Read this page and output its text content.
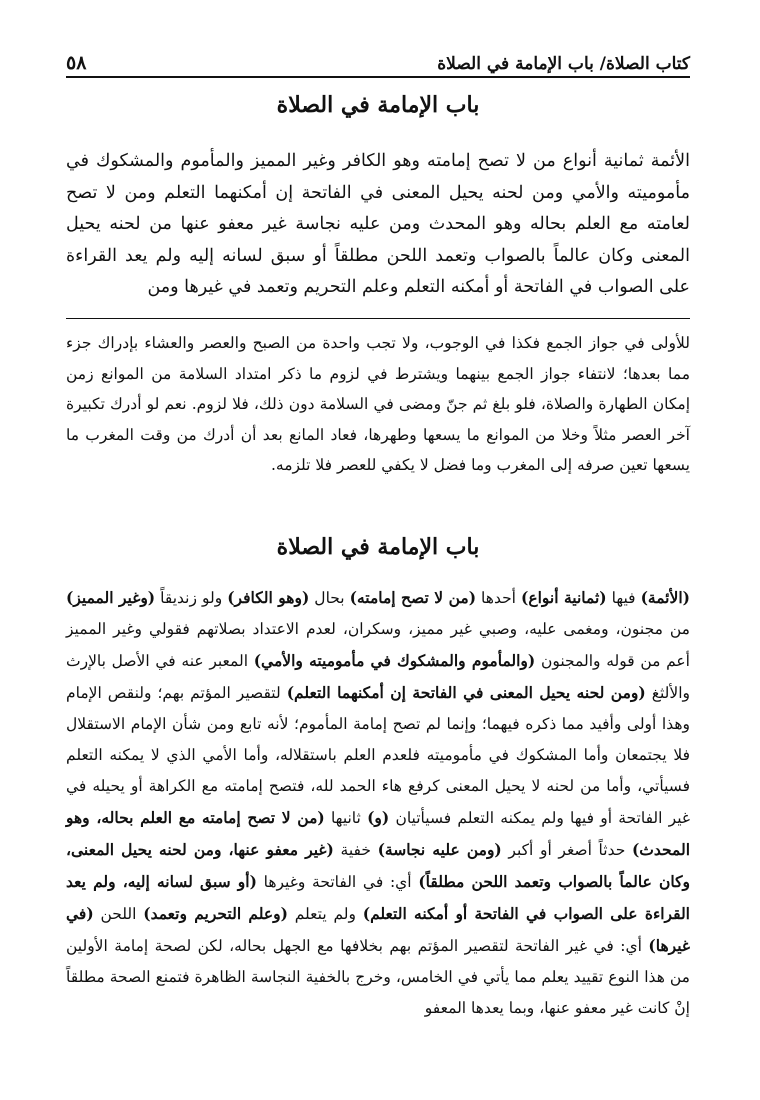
كتاب الصلاة/ باب الإمامة في الصلاة
٥٨
باب الإمامة في الصلاة

الأئمة ثمانية أنواع من لا تصح إمامته وهو الكافر وغير المميز والمأموم والمشكوك في مأموميته والأمي ومن لحنه يحيل المعنى في الفاتحة إن أمكنهما التعلم ومن لا تصح لعامته مع العلم بحاله وهو المحدث ومن عليه نجاسة غير معفو عنها من لحنه يحيل المعنى وكان عالماً بالصواب وتعمد اللحن مطلقاً أو سبق لسانه إليه ولم يعد القراءة على الصواب في الفاتحة أو أمكنه التعلم وعلم التحريم وتعمد في غيرها ومن

للأولى في جواز الجمع فكذا في الوجوب، ولا تجب واحدة من الصبح والعصر والعشاء بإدراك جزء مما بعدها؛ لانتفاء جواز الجمع بينهما ويشترط في لزوم ما ذكر امتداد السلامة من الموانع زمن إمكان الطهارة والصلاة، فلو بلغ ثم جنّ ومضى في السلامة دون ذلك، فلا لزوم. نعم لو أدرك تكبيرة آخر العصر مثلاً وخلا من الموانع ما يسعها وطهرها، فعاد المانع بعد أن أدرك من وقت المغرب ما يسعها تعين صرفه إلى المغرب وما فضل لا يكفي للعصر فلا تلزمه.

باب الإمامة في الصلاة

(الأئمة) فيها (ثمانية أنواع) أحدها (من لا تصح إمامته) بحال (وهو الكافر) ولو زنديقاً (وغير المميز) من مجنون، ومغمى عليه، وصبي غير مميز، وسكران، لعدم الاعتداد بصلاتهم فقولي وغير المميز أعم من قوله والمجنون (والمأموم والمشكوك في مأموميته والأمي) المعبر عنه في الأصل بالإرث والألثغ (ومن لحنه يحيل المعنى في الفاتحة إن أمكنهما التعلم) لتقصير المؤتم بهم؛ ولنقص الإمام وهذا أولى وأفيد مما ذكره فيهما؛ وإنما لم تصح إمامة المأموم؛ لأنه تابع ومن شأن الإمام الاستقلال فلا يجتمعان وأما المشكوك في مأموميته فلعدم العلم باستقلاله، وأما الأمي الذي لا يمكنه التعلم فسيأتي، وأما من لحنه لا يحيل المعنى كرفع هاء الحمد لله، فتصح إمامته مع الكراهة أو يحيله في غير الفاتحة أو فيها ولم يمكنه التعلم فسيأتيان (و) ثانيها (من لا تصح إمامته مع العلم بحاله، وهو المحدث) حدثاً أصغر أو أكبر (ومن عليه نجاسة) خفية (غير معفو عنها، ومن لحنه يحيل المعنى، وكان عالماً بالصواب وتعمد اللحن مطلقاً) أي: في الفاتحة وغيرها (أو سبق لسانه إليه، ولم يعد القراءة على الصواب في الفاتحة أو أمكنه التعلم) ولم يتعلم (وعلم التحريم وتعمد) اللحن (في غيرها) أي: في غير الفاتحة لتقصير المؤتم بهم بخلافها مع الجهل بحاله، لكن لصحة إمامة الأولين من هذا النوع تقييد يعلم مما يأتي في الخامس، وخرج بالخفية النجاسة الظاهرة فتمنع الصحة مطلقاً إنْ كانت غير معفو عنها، وبما يعدها المعفو
